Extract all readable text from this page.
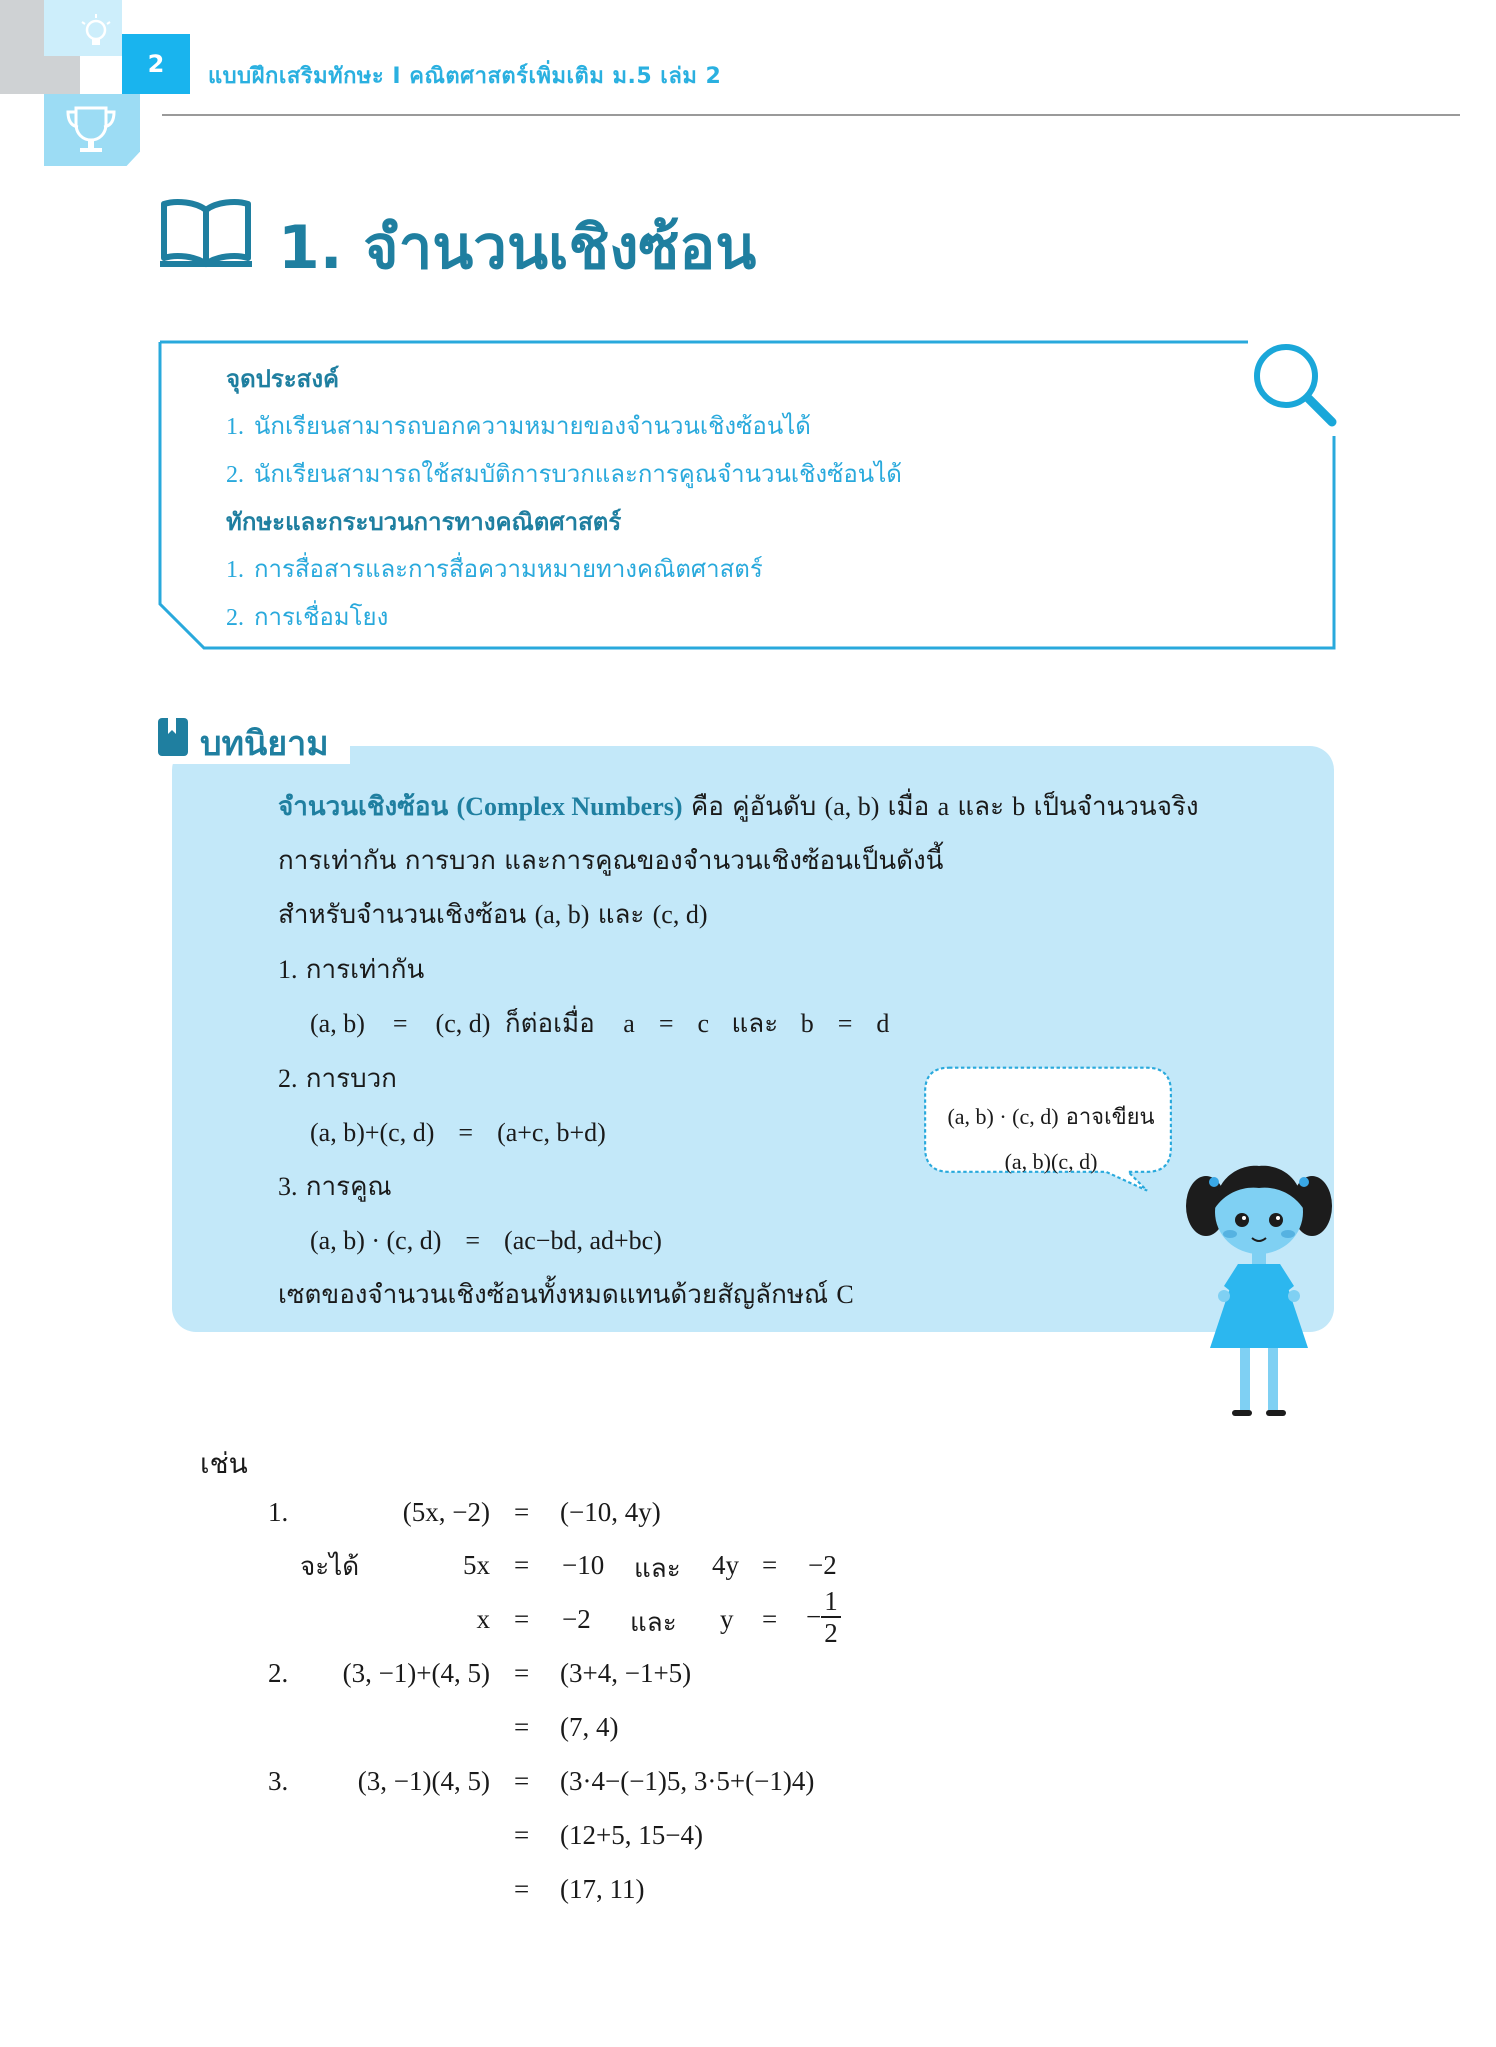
2	แบบฝึกเสริมทักษะ I คณิตศาสตร์เพิ่มเติม ม.5 เล่ม 2
1. จำนวนเชิงซ้อน
จุดประสงค์
1. นักเรียนสามารถบอกความหมายของจำนวนเชิงซ้อนได้
2. นักเรียนสามารถใช้สมบัติการบวกและการคูณจำนวนเชิงซ้อนได้
ทักษะและกระบวนการทางคณิตศาสตร์
1. การสื่อสารและการสื่อความหมายทางคณิตศาสตร์
2. การเชื่อมโยง
บทนิยาม
จำนวนเชิงซ้อน (Complex Numbers) คือ คู่อันดับ (a, b) เมื่อ a และ b เป็นจำนวนจริง
การเท่ากัน การบวก และการคูณของจำนวนเชิงซ้อนเป็นดังนี้
สำหรับจำนวนเชิงซ้อน (a, b) และ (c, d)
1. การเท่ากัน
(a, b) = (c, d) ก็ต่อเมื่อ a = c และ b = d
2. การบวก
(a, b)+(c, d) = (a+c, b+d)
3. การคูณ
(a, b) · (c, d) = (ac−bd, ad+bc)
เซตของจำนวนเชิงซ้อนทั้งหมดแทนด้วยสัญลักษณ์ C
(a, b) · (c, d) อาจเขียน
(a, b)(c, d)
เช่น
1.	(5x, −2) = (−10, 4y)
จะได้	5x = −10 และ 4y = −2
x = −2 และ y = − $\frac{1}{2}$
2.	(3, −1)+(4, 5) = (3+4, −1+5)
= (7, 4)
3.	(3, −1)(4, 5) = (3·4−(−1)5, 3·5+(−1)4)
= (12+5, 15−4)
= (17, 11)
